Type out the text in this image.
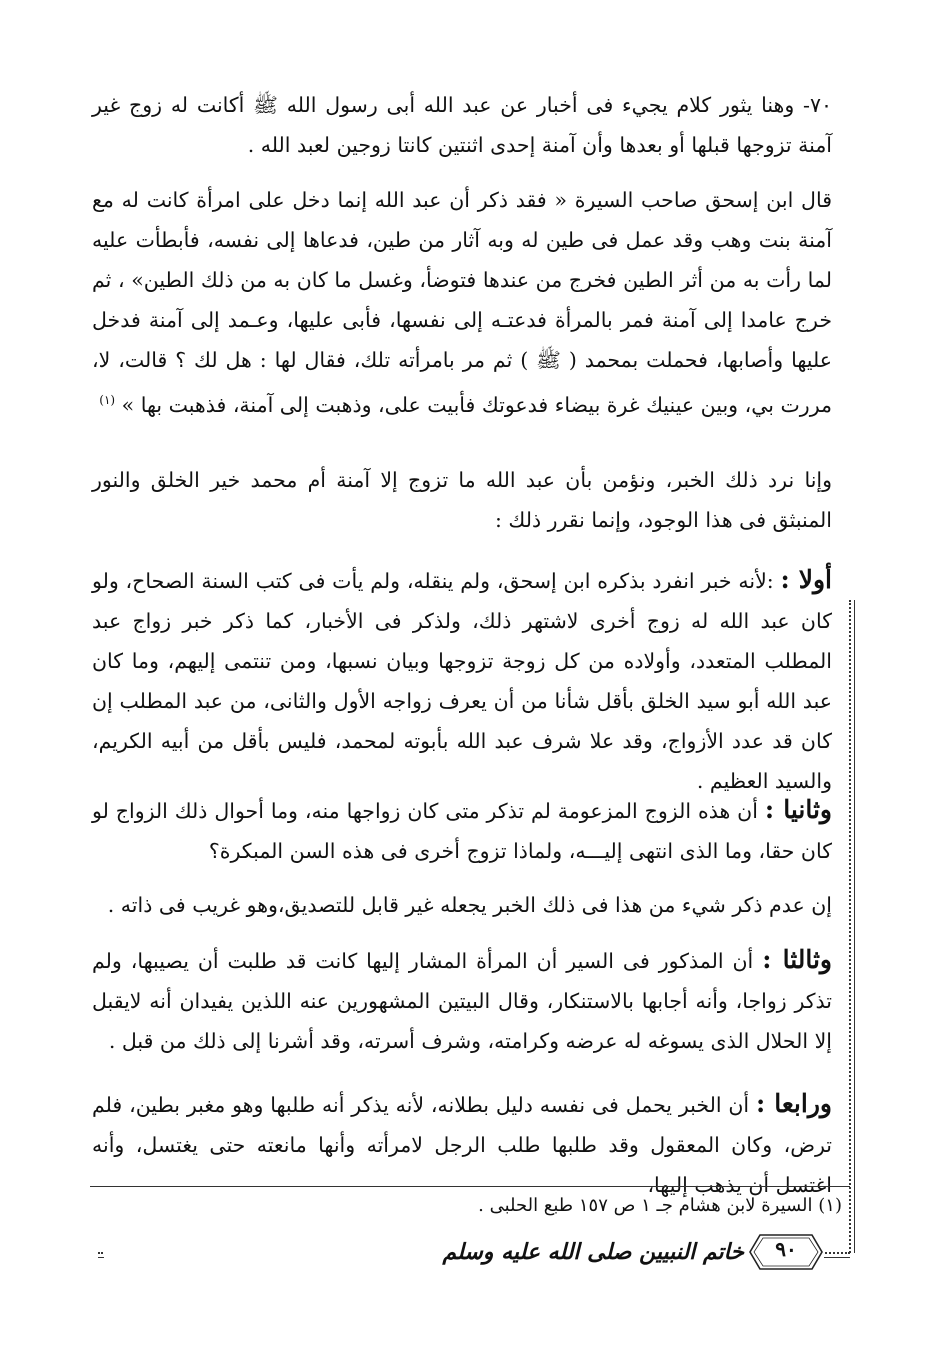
٧٠- وهنا يثور كلام يجيء فى أخبار عن عبد الله أبى رسول الله ﷺ أكانت له زوج غير آمنة تزوجها قبلها أو بعدها وأن آمنة إحدى اثنتين كانتا زوجين لعبد الله .

قال ابن إسحق صاحب السيرة « فقد ذكر أن عبد الله إنما دخل على امرأة كانت له مع آمنة بنت وهب وقد عمل فى طين له وبه آثار من طين، فدعاها إلى نفسه، فأبطأت عليه لما رأت به من أثر الطين فخرج من عندها فتوضأ، وغسل ما كان به من ذلك الطين» ، ثم خرج عامدا إلى آمنة فمر بالمرأة فدعتـه إلى نفسها، فأبى عليها، وعـمد إلى آمنة فدخل عليها وأصابها، فحملت بمحمد ( ﷺ ) ثم مر بامرأته تلك، فقال لها : هل لك ؟ قالت، لا، مررت بي، وبين عينيك غرة بيضاء فدعوتك فأبيت على، وذهبت إلى آمنة، فذهبت بها » $^{(١)}$

وإنا نرد ذلك الخبر، ونؤمن بأن عبد الله ما تزوج إلا آمنة أم محمد خير الخلق والنور المنبثق فى هذا الوجود، وإنما نقرر ذلك :

أولا : :لأنه خبر انفرد بذكره ابن إسحق، ولم ينقله، ولم يأت فى كتب السنة الصحاح، ولو كان عبد الله له زوج أخرى لاشتهر ذلك، ولذكر فى الأخبار، كما ذكر خبر زواج عبد المطلب المتعدد، وأولاده من كل زوجة تزوجها وبيان نسبها، ومن تنتمى إليهم، وما كان عبد الله أبو سيد الخلق بأقل شأنا من أن يعرف زواجه الأول والثانى، من عبد المطلب إن كان قد عدد الأزواج، وقد علا شرف عبد الله بأبوته لمحمد، فليس بأقل من أبيه الكريم، والسيد العظيم .

وثانيا : أن هذه الزوج المزعومة لم تذكر متى كان زواجها منه، وما أحوال ذلك الزواج لو كان حقا، وما الذى انتهى إليـــه، ولماذا تزوج أخرى فى هذه السن المبكرة؟

إن عدم ذكر شيء من هذا فى ذلك الخبر يجعله غير قابل للتصديق،وهو غريب فى ذاته .

وثالثا : أن المذكور فى السير أن المرأة المشار إليها كانت قد طلبت أن يصيبها، ولم تذكر زواجا، وأنه أجابها بالاستنكار، وقال البيتين المشهورين عنه اللذين يفيدان أنه لايقبل إلا الحلال الذى يسوغه له عرضه وكرامته، وشرف أسرته، وقد أشرنا إلى ذلك من قبل .

ورابعا : أن الخبر يحمل فى نفسه دليل بطلانه، لأنه يذكر أنه طلبها وهو مغبر بطين، فلم ترض، وكان المعقول وقد طلبها طلب الرجل لامرأته وأنها مانعته حتى يغتسل، وأنه اغتسل أن يذهب إليها،

(١) السيرة لابن هشام جـ ١ ص ١٥٧ طبع الحلبى .
خاتم النبيين صلى الله عليه وسلم	٩٠
